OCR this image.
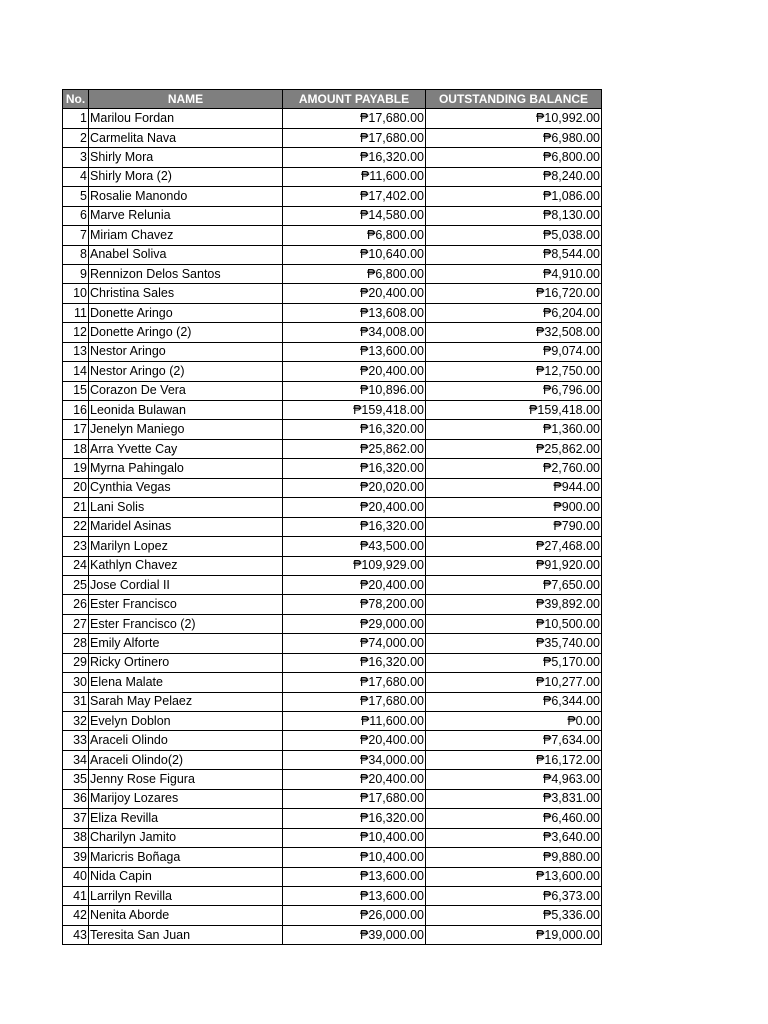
No.	NAME	AMOUNT PAYABLE	OUTSTANDING BALANCE
1	Marilou Fordan	₱17,680.00	₱10,992.00
2	Carmelita Nava	₱17,680.00	₱6,980.00
3	Shirly Mora	₱16,320.00	₱6,800.00
4	Shirly Mora (2)	₱11,600.00	₱8,240.00
5	Rosalie Manondo	₱17,402.00	₱1,086.00
6	Marve Relunia	₱14,580.00	₱8,130.00
7	Miriam Chavez	₱6,800.00	₱5,038.00
8	Anabel Soliva	₱10,640.00	₱8,544.00
9	Rennizon Delos Santos	₱6,800.00	₱4,910.00
10	Christina Sales	₱20,400.00	₱16,720.00
11	Donette Aringo	₱13,608.00	₱6,204.00
12	Donette Aringo (2)	₱34,008.00	₱32,508.00
13	Nestor Aringo	₱13,600.00	₱9,074.00
14	Nestor Aringo (2)	₱20,400.00	₱12,750.00
15	Corazon De Vera	₱10,896.00	₱6,796.00
16	Leonida Bulawan	₱159,418.00	₱159,418.00
17	Jenelyn Maniego	₱16,320.00	₱1,360.00
18	Arra Yvette Cay	₱25,862.00	₱25,862.00
19	Myrna Pahingalo	₱16,320.00	₱2,760.00
20	Cynthia Vegas	₱20,020.00	₱944.00
21	Lani Solis	₱20,400.00	₱900.00
22	Maridel Asinas	₱16,320.00	₱790.00
23	Marilyn Lopez	₱43,500.00	₱27,468.00
24	Kathlyn Chavez	₱109,929.00	₱91,920.00
25	Jose Cordial II	₱20,400.00	₱7,650.00
26	Ester Francisco	₱78,200.00	₱39,892.00
27	Ester Francisco (2)	₱29,000.00	₱10,500.00
28	Emily Alforte	₱74,000.00	₱35,740.00
29	Ricky Ortinero	₱16,320.00	₱5,170.00
30	Elena Malate	₱17,680.00	₱10,277.00
31	Sarah May Pelaez	₱17,680.00	₱6,344.00
32	Evelyn Doblon	₱11,600.00	₱0.00
33	Araceli Olindo	₱20,400.00	₱7,634.00
34	Araceli Olindo(2)	₱34,000.00	₱16,172.00
35	Jenny Rose Figura	₱20,400.00	₱4,963.00
36	Marijoy Lozares	₱17,680.00	₱3,831.00
37	Eliza Revilla	₱16,320.00	₱6,460.00
38	Charilyn Jamito	₱10,400.00	₱3,640.00
39	Maricris Boñaga	₱10,400.00	₱9,880.00
40	Nida Capin	₱13,600.00	₱13,600.00
41	Larrilyn Revilla	₱13,600.00	₱6,373.00
42	Nenita Aborde	₱26,000.00	₱5,336.00
43	Teresita San Juan	₱39,000.00	₱19,000.00
